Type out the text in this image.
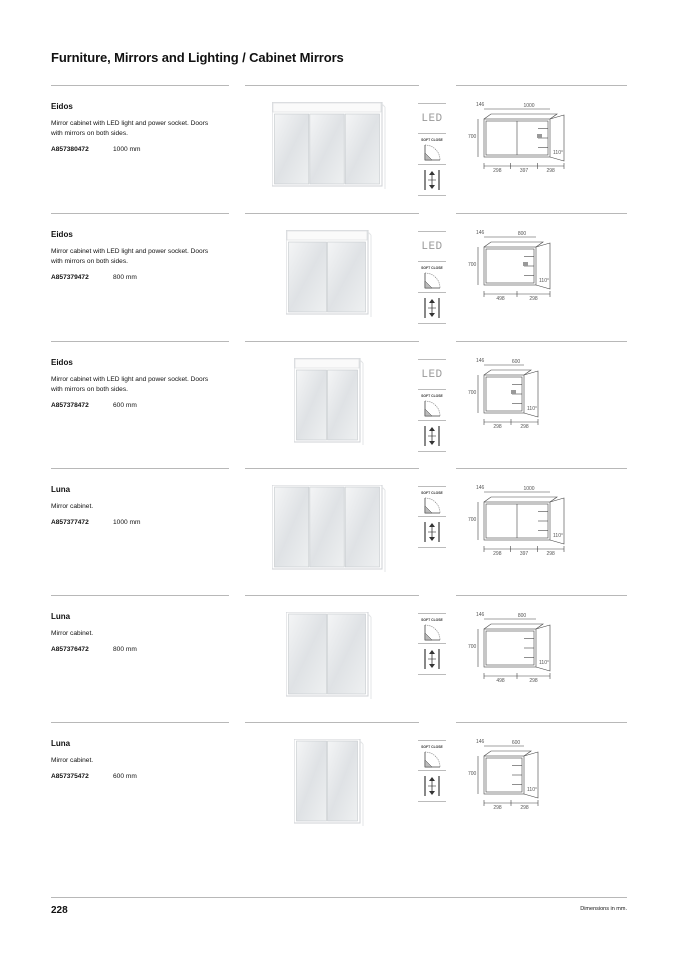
Furniture, Mirrors and Lighting / Cabinet Mirrors
Eidos
Mirror cabinet with LED light and power socket. Doors with mirrors on both sides.
A857380472	1000 mm
LED
SOFT CLOSE
1000
146
700
110°
298	397	298
Eidos
Mirror cabinet with LED light and power socket. Doors with mirrors on both sides.
A857379472	800 mm
LED
SOFT CLOSE
800
146
700
110°
498	298
Eidos
Mirror cabinet with LED light and power socket. Doors with mirrors on both sides.
A857378472	600 mm
LED
SOFT CLOSE
600
146
700
110°
298	298
Luna
Mirror cabinet.
A857377472	1000 mm
SOFT CLOSE
1000
146
700
110°
298	397	298
Luna
Mirror cabinet.
A857376472	800 mm
SOFT CLOSE
800
146
700
110°
498	298
Luna
Mirror cabinet.
A857375472	600 mm
SOFT CLOSE
600
146
700
110°
298	298
228	Dimensions in mm.
